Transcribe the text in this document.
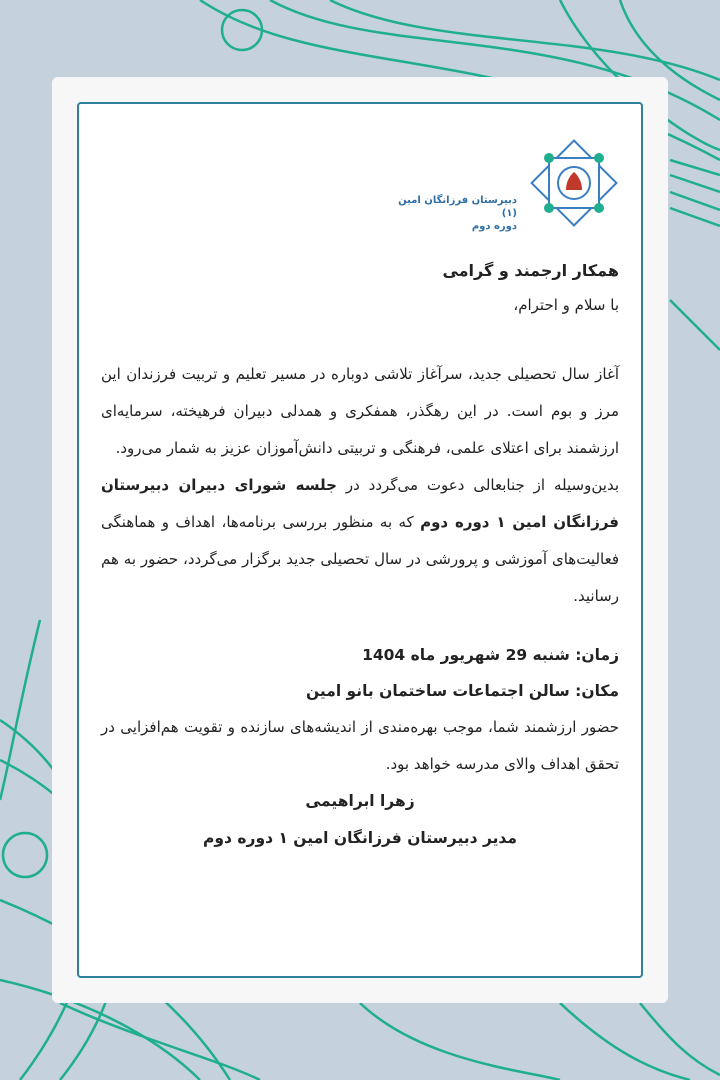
دبیرستان فرزانگان امین (۱)
دوره دوم

همکار ارجمند و گرامی

با سلام و احترام،

آغاز سال تحصیلی جدید، سرآغاز تلاشی دوباره در مسیر تعلیم و تربیت فرزندان این مرز و بوم است. در این رهگذر، همفکری و همدلی دبیران فرهیخته، سرمایه‌ای ارزشمند برای اعتلای علمی، فرهنگی و تربیتی دانش‌آموزان عزیز به شمار می‌رود.

بدین‌وسیله از جنابعالی دعوت می‌گردد در جلسه شورای دبیران دبیرستان فرزانگان امین ۱ دوره دوم که به منظور بررسی برنامه‌ها، اهداف و هماهنگی فعالیت‌های آموزشی و پرورشی در سال تحصیلی جدید برگزار می‌گردد، حضور به هم رسانید.

زمان: شنبه 29 شهریور ماه 1404

مکان: سالن اجتماعات ساختمان بانو امین

حضور ارزشمند شما، موجب بهره‌مندی از اندیشه‌های سازنده و تقویت هم‌افزایی در تحقق اهداف والای مدرسه خواهد بود.

زهرا ابراهیمی

مدیر دبیرستان فرزانگان امین ۱ دوره دوم
